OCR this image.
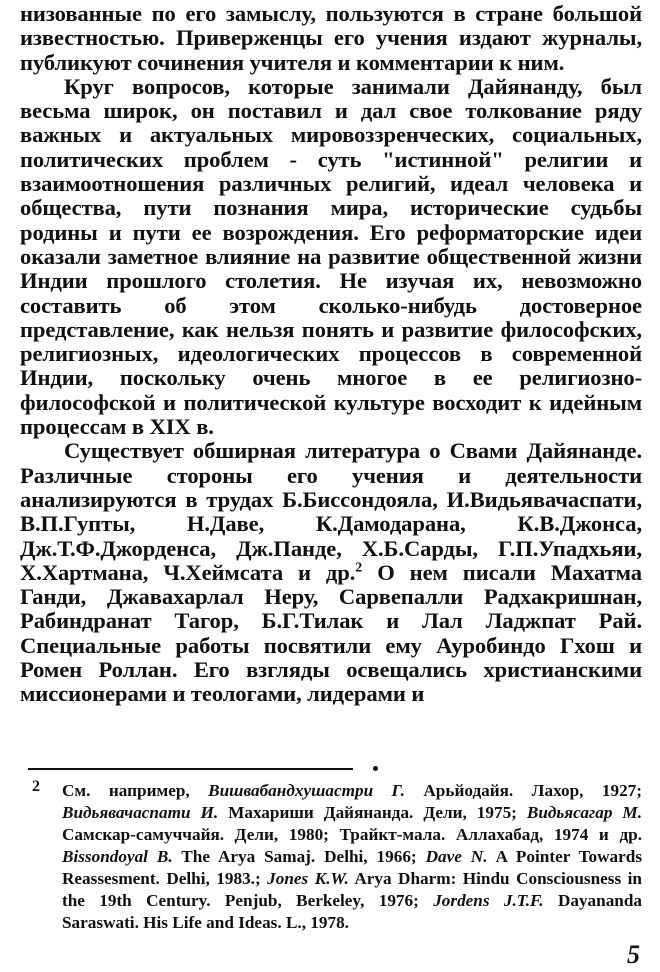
низованные по его замыслу, пользуются в стране большой известностью. Приверженцы его учения издают журналы, публикуют сочинения учителя и комментарии к ним.

Круг вопросов, которые занимали Дайянанду, был весьма широк, он поставил и дал свое толкование ряду важных и актуальных мировоззренческих, социальных, политических проблем - суть "истинной" религии и взаимоотношения различных религий, идеал человека и общества, пути познания мира, исторические судьбы родины и пути ее возрождения. Его реформаторские идеи оказали заметное влияние на развитие общественной жизни Индии прошлого столетия. Не изучая их, невозможно составить об этом сколько-нибудь достоверное представление, как нельзя понять и развитие философских, религиозных, идеологических процессов в современной Индии, поскольку очень многое в ее религиозно-философской и политической культуре восходит к идейным процессам в XIX в.

Существует обширная литература о Свами Дайянанде. Различные стороны его учения и деятельности анализируются в трудах Б.Биссондояла, И.Видьявачаспати, В.П.Гупты, Н.Даве, К.Дамодарана, К.В.Джонса, Дж.Т.Ф.Джорденса, Дж.Панде, Х.Б.Сарды, Г.П.Упадхьяи, Х.Хартмана, Ч.Хеймсата и др.$^2$ О нем писали Махатма Ганди, Джавахарлал Неру, Сарвепалли Радхакришнан, Рабиндранат Тагор, Б.Г.Тилак и Лал Ладжпат Рай. Специальные работы посвятили ему Ауробиндо Гхош и Ромен Роллан. Его взгляды освещались христианскими миссионерами и теологами, лидерами и

2 См. например, Вишвабандхушастри Г. Арьйодайя. Лахор, 1927; Видьявачаспати И. Махариши Дайянанда. Дели, 1975; Видьясагар М. Самскар-самуччайя. Дели, 1980; Трайкт-мала. Аллахабад, 1974 и др. Bissondoyal B. The Arya Samaj. Delhi, 1966; Dave N. A Pointer Towards Reassesment. Delhi, 1983.; Jones K.W. Arya Dharm: Hindu Consciousness in the 19th Century. Penjub, Berkeley, 1976; Jordens J.T.F. Dayananda Saraswati. His Life and Ideas. L., 1978.

5
